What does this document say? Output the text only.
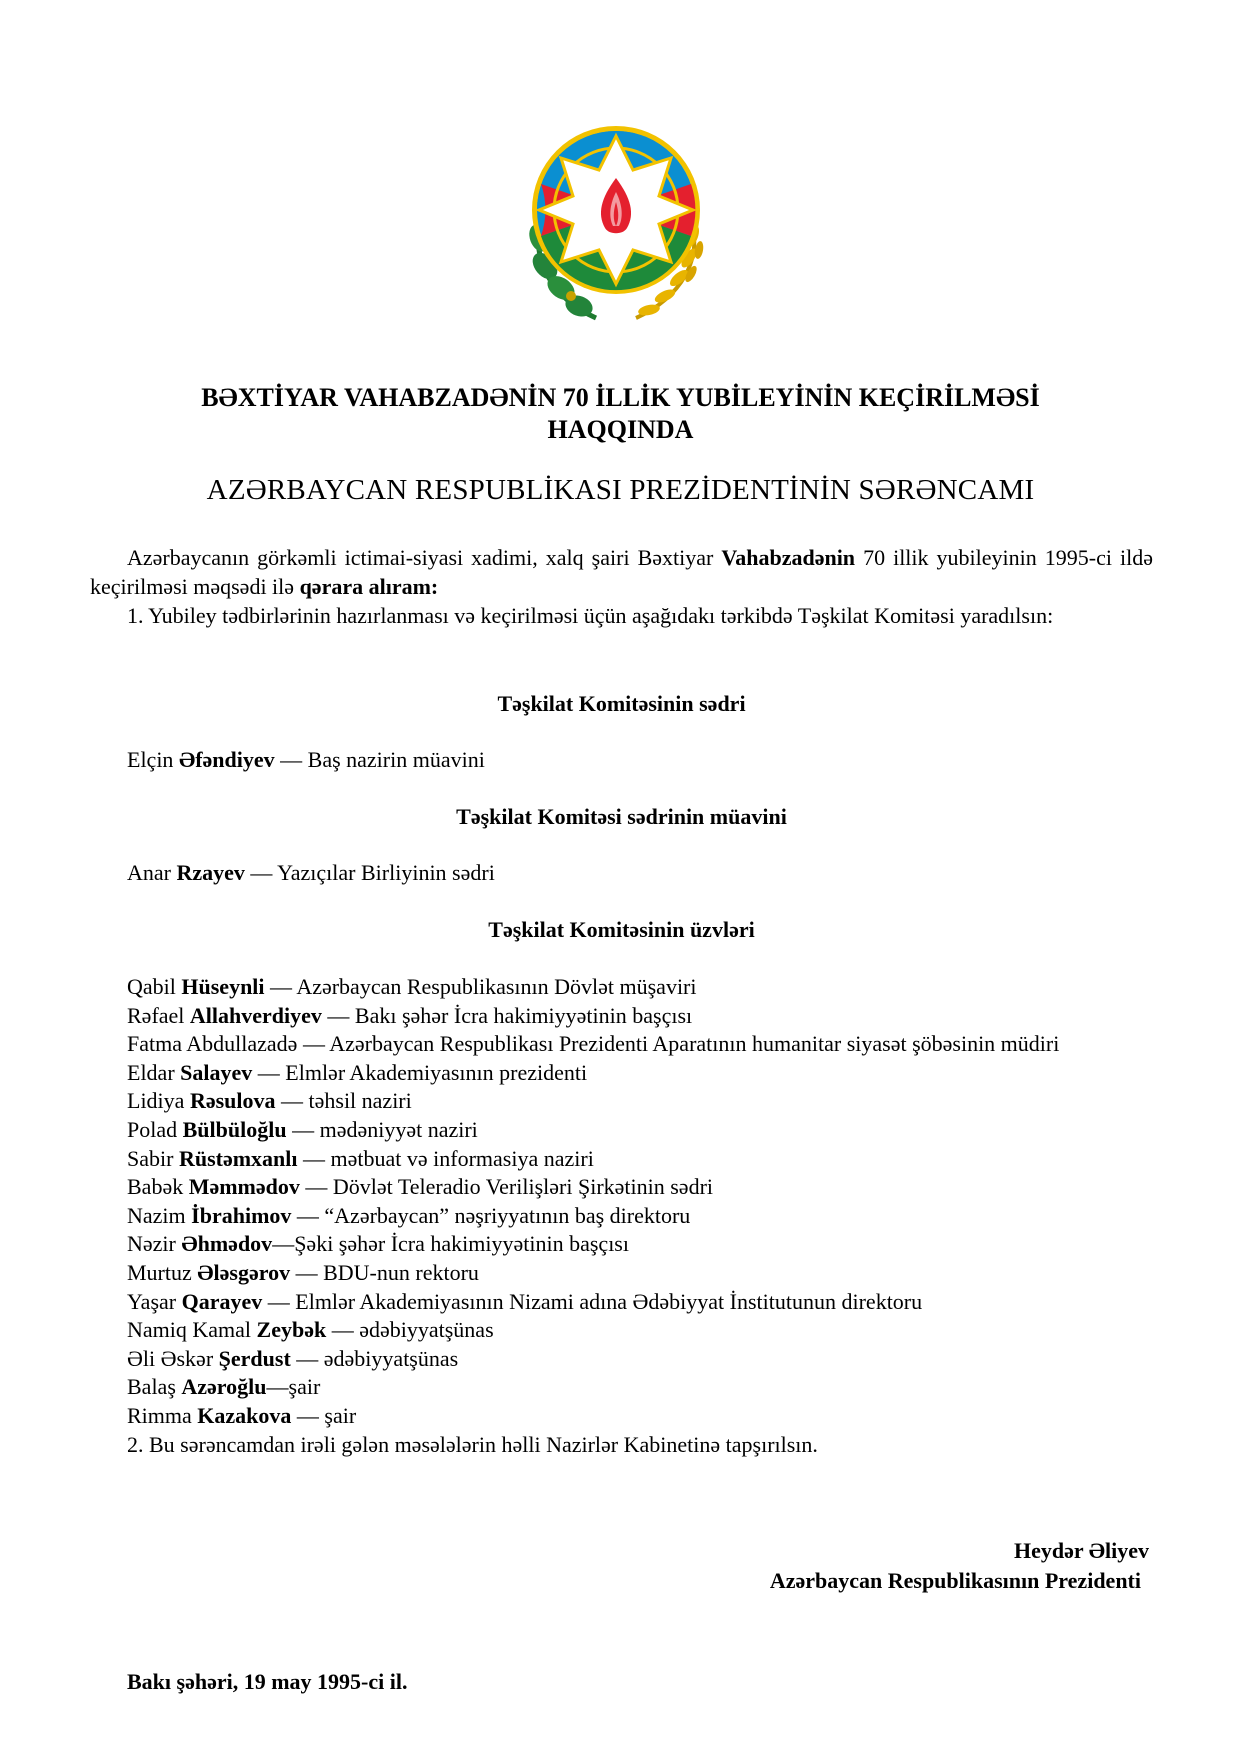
BƏXTİYAR VAHABZADƏNİN 70 İLLİK YUBİLEYİNİN KEÇİRİLMƏSİ
HAQQINDA
AZƏRBAYCAN RESPUBLİKASI PREZİDENTİNİN SƏRƏNCAMI
Azərbaycanın görkəmli ictimai-siyasi xadimi, xalq şairi Bəxtiyar Vahabzadənin 70 illik yubileyinin 1995-ci ildə keçirilməsi məqsədi ilə qərara alıram:
1. Yubiley tədbirlərinin hazırlanması və keçirilməsi üçün aşağıdakı tərkibdə Təşkilat Komitəsi yaradılsın:
Təşkilat Komitəsinin sədri
Elçin Əfəndiyev — Baş nazirin müavini
Təşkilat Komitəsi sədrinin müavini
Anar Rzayev — Yazıçılar Birliyinin sədri
Təşkilat Komitəsinin üzvləri
Qabil Hüseynli — Azərbaycan Respublikasının Dövlət müşaviri
Rəfael Allahverdiyev — Bakı şəhər İcra hakimiyyətinin başçısı
Fatma Abdullazadə — Azərbaycan Respublikası Prezidenti Aparatının humanitar siyasət şöbəsinin müdiri
Eldar Salayev — Elmlər Akademiyasının prezidenti
Lidiya Rəsulova — təhsil naziri
Polad Bülbüloğlu — mədəniyyət naziri
Sabir Rüstəmxanlı — mətbuat və informasiya naziri
Babək Məmmədov — Dövlət Teleradio Verilişləri Şirkətinin sədri
Nazim İbrahimov — “Azərbaycan” nəşriyyatının baş direktoru
Nəzir Əhmədov—Şəki şəhər İcra hakimiyyətinin başçısı
Murtuz Ələsgərov — BDU-nun rektoru
Yaşar Qarayev — Elmlər Akademiyasının Nizami adına Ədəbiyyat İnstitutunun direktoru
Namiq Kamal Zeybək — ədəbiyyatşünas
Əli Əskər Şerdust — ədəbiyyatşünas
Balaş Azəroğlu—şair
Rimma Kazakova — şair
2. Bu sərəncamdan irəli gələn məsələlərin həlli Nazirlər Kabinetinə tapşırılsın.
Heydər Əliyev
Azərbaycan Respublikasının Prezidenti
Bakı şəhəri, 19 may 1995-ci il.
